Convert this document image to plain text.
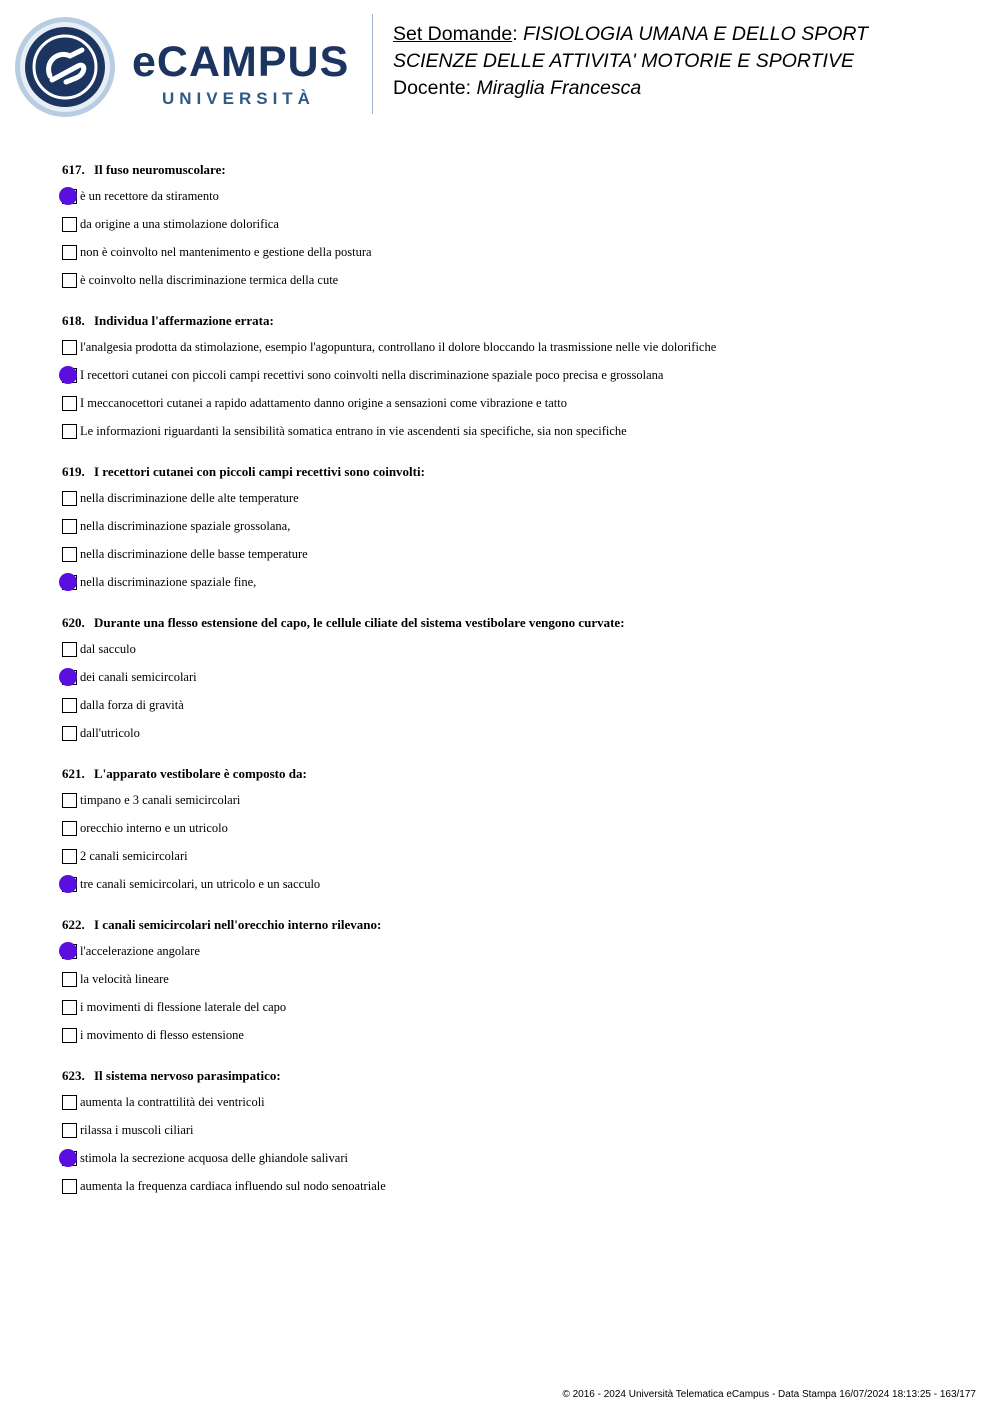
eCAMPUS
UNIVERSITÀ
Set Domande: FISIOLOGIA UMANA E DELLO SPORT
SCIENZE DELLE ATTIVITA' MOTORIE E SPORTIVE
Docente: Miraglia Francesca
617. Il fuso neuromuscolare:
è un recettore da stiramento
da origine a una stimolazione dolorifica
non è coinvolto nel mantenimento e gestione della postura
è coinvolto nella discriminazione termica della cute
618. Individua l'affermazione errata:
l'analgesia prodotta da stimolazione, esempio l'agopuntura, controllano il dolore bloccando la trasmissione nelle vie dolorifiche
I recettori cutanei con piccoli campi recettivi sono coinvolti nella discriminazione spaziale poco precisa e grossolana
I meccanocettori cutanei a rapido adattamento danno origine a sensazioni come vibrazione e tatto
Le informazioni riguardanti la sensibilità somatica entrano in vie ascendenti sia specifiche, sia non specifiche
619. I recettori cutanei con piccoli campi recettivi sono coinvolti:
nella discriminazione delle alte temperature
nella discriminazione spaziale grossolana,
nella discriminazione delle basse temperature
nella discriminazione spaziale fine,
620. Durante una flesso estensione del capo, le cellule ciliate del sistema vestibolare vengono curvate:
dal sacculo
dei canali semicircolari
dalla forza di gravità
dall'utricolo
621. L'apparato vestibolare è composto da:
timpano e 3 canali semicircolari
orecchio interno e un utricolo
2 canali semicircolari
tre canali semicircolari, un utricolo e un sacculo
622. I canali semicircolari nell'orecchio interno rilevano:
l'accelerazione angolare
la velocità lineare
i movimenti di flessione laterale del capo
i movimento di flesso estensione
623. Il sistema nervoso parasimpatico:
aumenta la contrattilità dei ventricoli
rilassa i muscoli ciliari
stimola la secrezione acquosa delle ghiandole salivari
aumenta la frequenza cardiaca influendo sul nodo senoatriale
© 2016 - 2024 Università Telematica eCampus - Data Stampa 16/07/2024 18:13:25 - 163/177
